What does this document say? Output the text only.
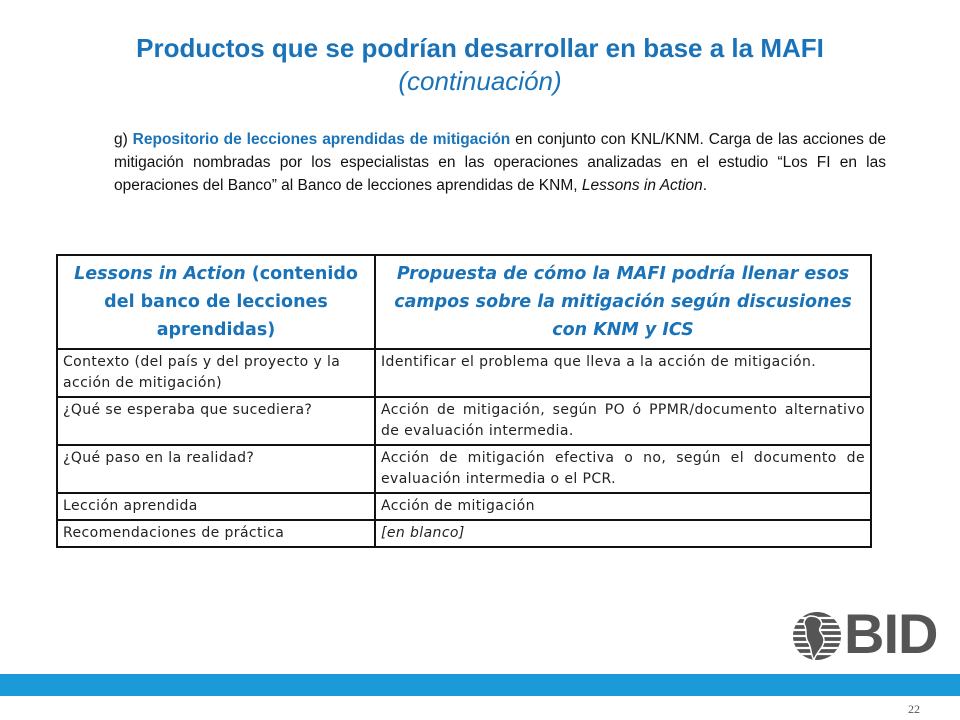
Productos que se podrían desarrollar en base a la MAFI
(continuación)
g) Repositorio de lecciones aprendidas de mitigación en conjunto con KNL/KNM. Carga de las acciones de mitigación nombradas por los especialistas en las operaciones analizadas en el estudio “Los FI en las operaciones del Banco” al Banco de lecciones aprendidas de KNM, Lessons in Action.
Lessons in Action (contenido del banco de lecciones aprendidas)	Propuesta de cómo la MAFI podría llenar esos campos sobre la mitigación según discusiones con KNM y ICS
Contexto (del país y del proyecto y la acción de mitigación)	Identificar el problema que lleva a la acción de mitigación.
¿Qué se esperaba que sucediera?	Acción de mitigación, según PO ó PPMR/documento alternativo de evaluación intermedia.
¿Qué paso en la realidad?	Acción de mitigación efectiva o no, según el documento de evaluación intermedia o el PCR.
Lección aprendida	Acción de mitigación
Recomendaciones de práctica	[en blanco]
BID
22
